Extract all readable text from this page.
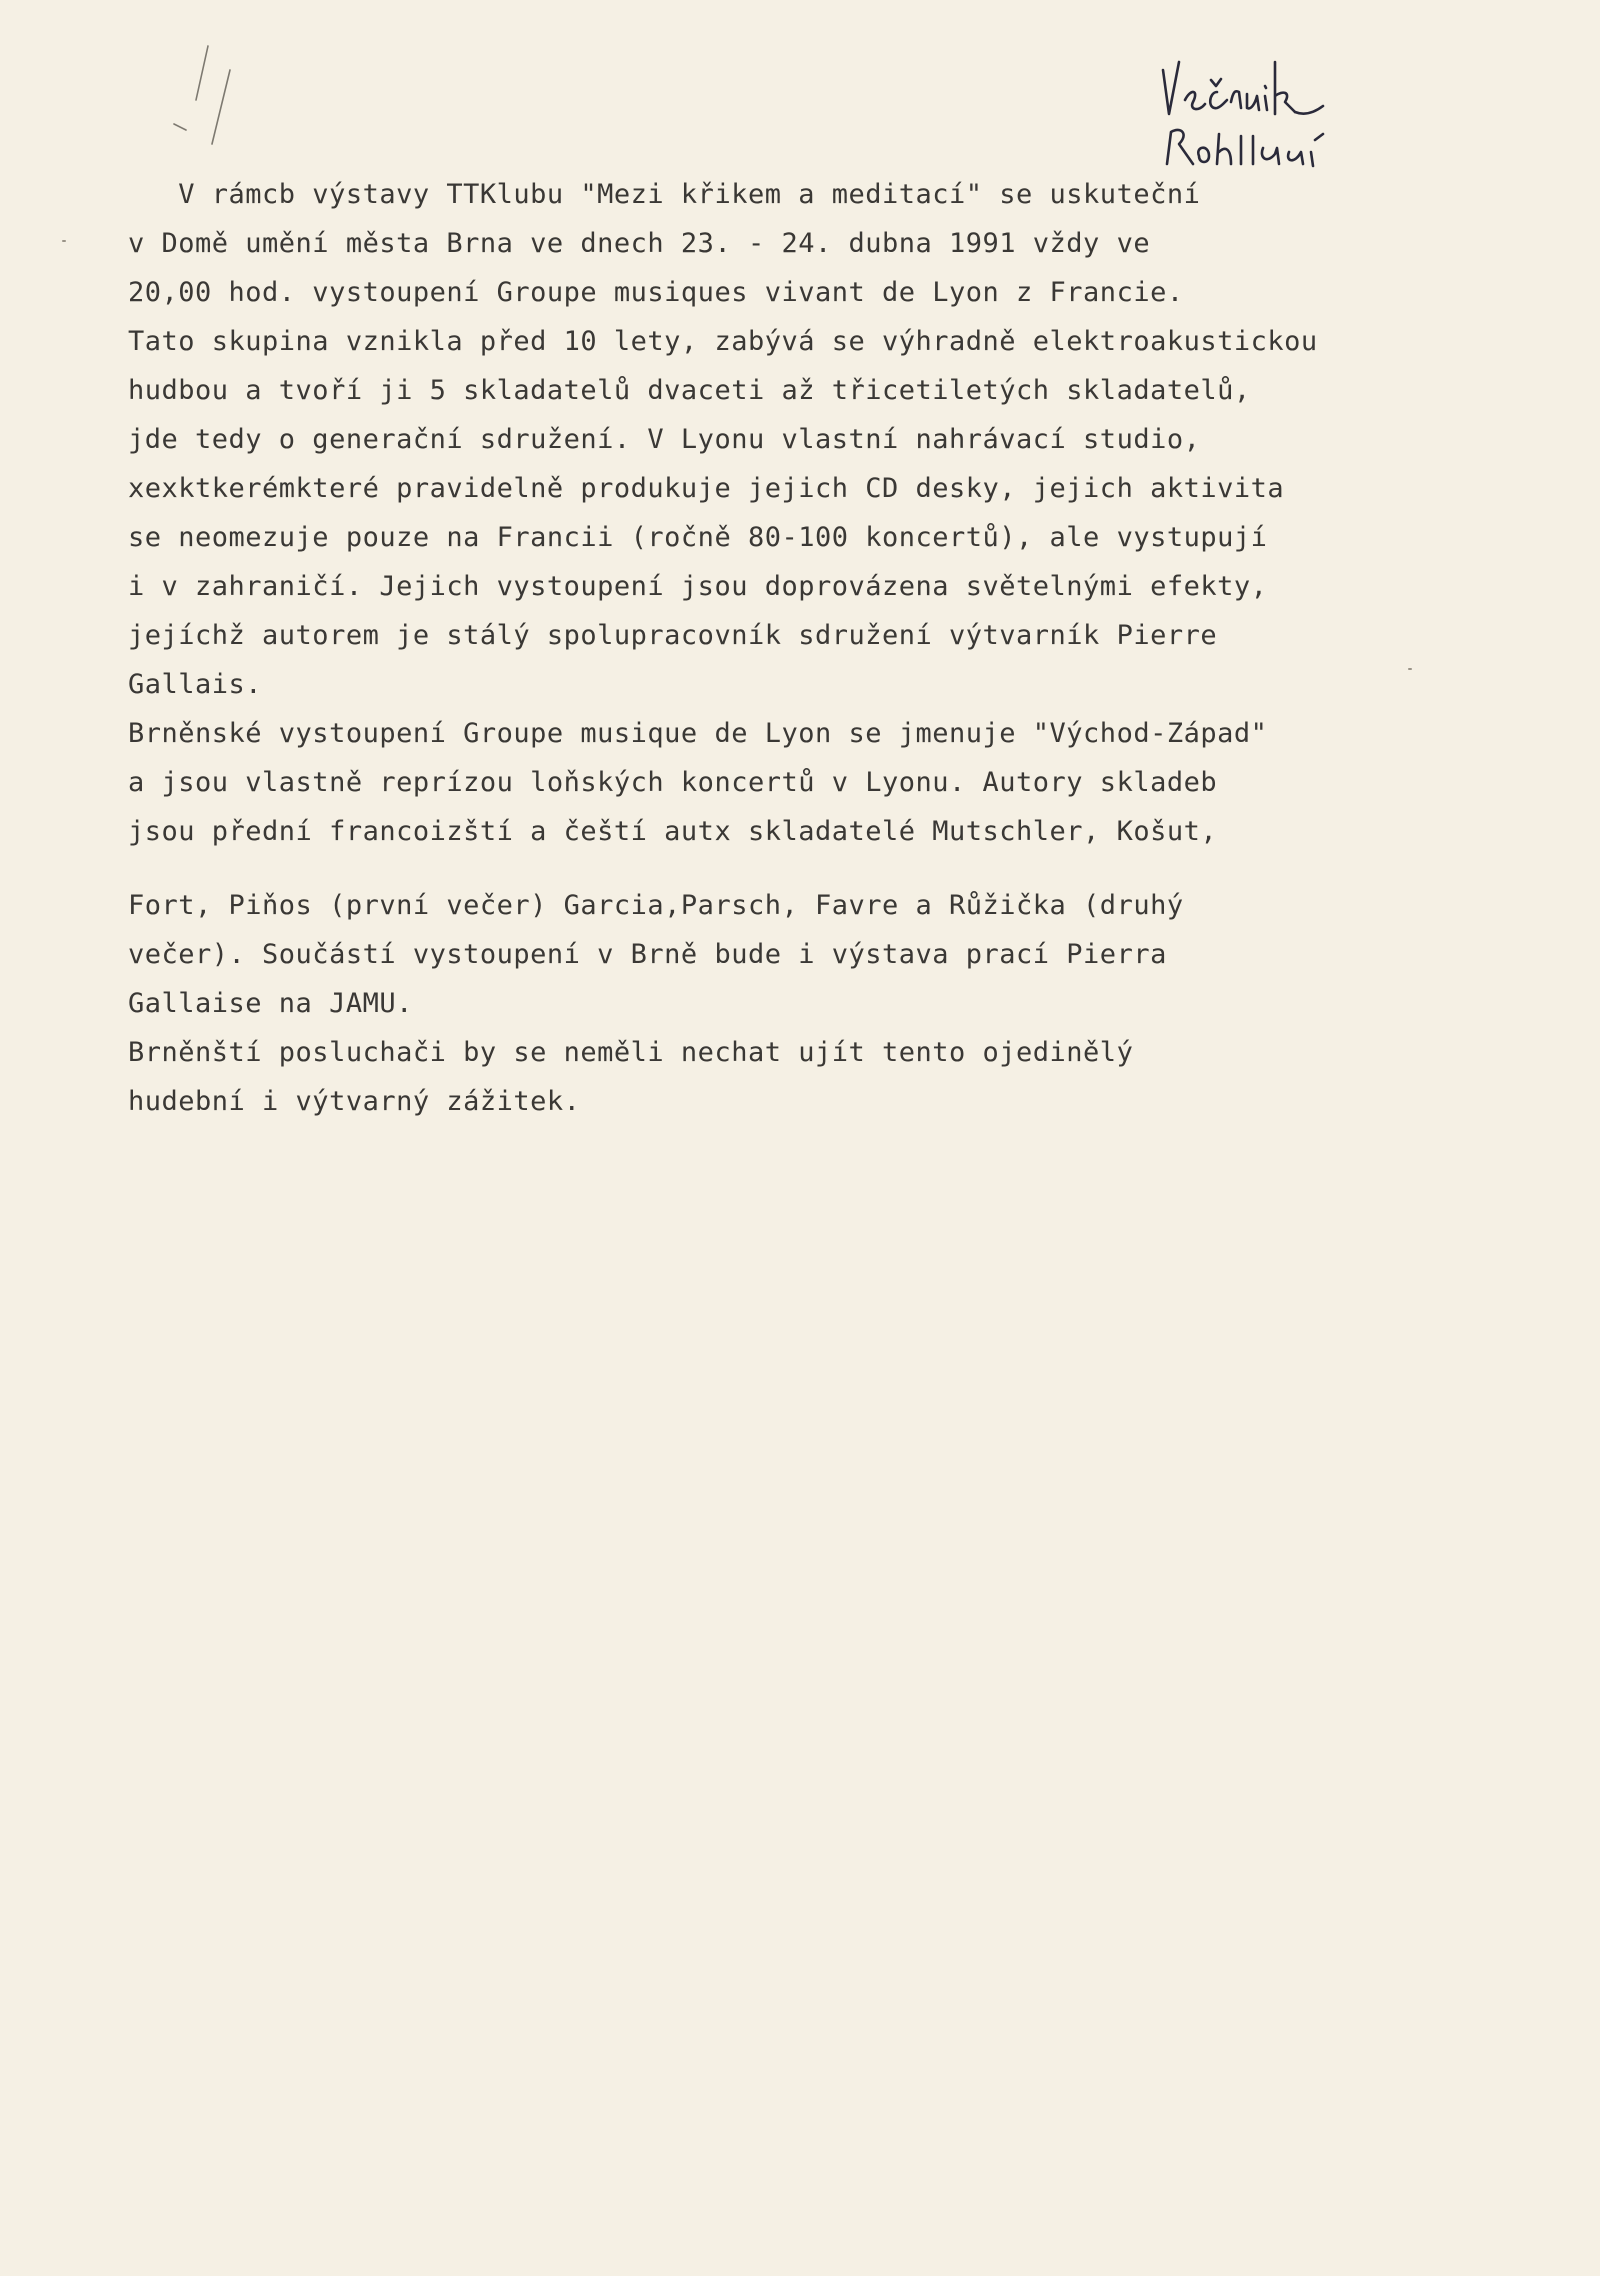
V rámcb výstavy TTKlubu "Mezi křikem a meditací" se uskuteční
v Domě umění města Brna ve dnech 23. - 24. dubna 1991 vždy ve
20,00 hod. vystoupení Groupe musiques vivant de Lyon z Francie.
Tato skupina vznikla před 10 lety, zabývá se výhradně elektroakustickou
hudbou a tvoří ji 5 skladatelů dvaceti až třicetiletých skladatelů,
jde tedy o generační sdružení. V Lyonu vlastní nahrávací studio,
xexktkerémkteré pravidelně produkuje jejich CD desky, jejich aktivita
se neomezuje pouze na Francii (ročně 80-100 koncertů), ale vystupují
i v zahraničí. Jejich vystoupení jsou doprovázena světelnými efekty,
jejíchž autorem je stálý spolupracovník sdružení výtvarník Pierre
Gallais.
Brněnské vystoupení Groupe musique de Lyon se jmenuje "Východ-Západ"
a jsou vlastně reprízou loňských koncertů v Lyonu. Autory skladeb
jsou přední francoizští a čeští autx skladatelé Mutschler, Košut,
Fort, Piňos (první večer) Garcia,Parsch, Favre a Růžička (druhý
večer). Součástí vystoupení v Brně bude i výstava prací Pierra
Gallaise na JAMU.
Brněnští posluchači by se neměli nechat ujít tento ojedinělý
hudební i výtvarný zážitek.
